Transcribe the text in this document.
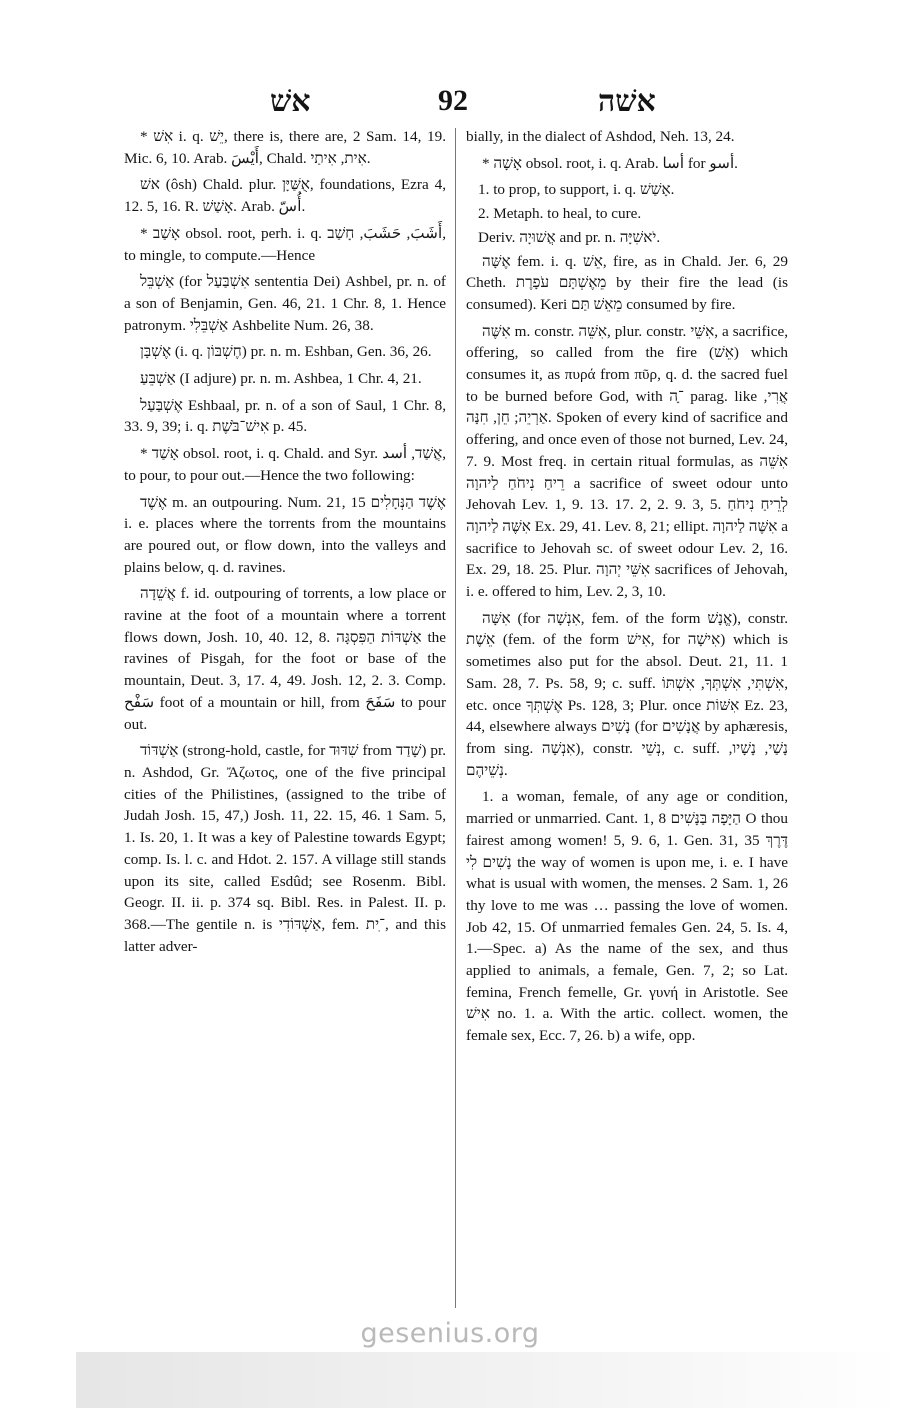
אשׁ	92	אשׁה

* אִשׁ i. q. יֵשׁ, there is, there are, 2 Sam. 14, 19. Mic. 6, 10. Arab. أَيْسَ, Chald. אִית, אִיתַי.

אשׁ (ôsh) Chald. plur. אֻשַּׁיָּן, foundations, Ezra 4, 12. 5, 16. R. אָשַׁשׁ. Arab. أُسّ.

* אָשַׁב obsol. root, perh. i. q. أَشَبَ, حَشَبَ, חָשַׁב, to mingle, to compute.—Hence

אַשְׁבֵּל (for אִשְׁבַּעַל sententia Dei) Ashbel, pr. n. of a son of Benjamin, Gen. 46, 21. 1 Chr. 8, 1. Hence patronym. אַשְׁבֵּלִי Ashbelite Num. 26, 38.

אֶשְׁבָּן (i. q. חֶשְׁבּוֹן) pr. n. m. Eshban, Gen. 36, 26.

אַשְׁבֵּעַ (I adjure) pr. n. m. Ashbea, 1 Chr. 4, 21.

אֶשְׁבַּעַל Eshbaal, pr. n. of a son of Saul, 1 Chr. 8, 33. 9, 39; i. q. אִישׁ־בֹּשֶׁת p. 45.

* אָשַׁד obsol. root, i. q. Chald. and Syr. אֲשַׁד, أسد, to pour, to pour out.—Hence the two following:

אֶשֶׁד m. an outpouring. Num. 21, 15 אֶשֶׁד הַנְּחָלִים i. e. places where the torrents from the mountains are poured out, or flow down, into the valleys and plains below, q. d. ravines.

אֲשֵׁדָה f. id. outpouring of torrents, a low place or ravine at the foot of a mountain where a torrent flows down, Josh. 10, 40. 12, 8. אַשְׁדּוֹת הַפִּסְגָּה the ravines of Pisgah, for the foot or base of the mountain, Deut. 3, 17. 4, 49. Josh. 12, 2. 3. Comp. سَفْح foot of a mountain or hill, from سَفَحَ to pour out.

אַשְׁדּוֹד (strong-hold, castle, for שִׁדּוּד from שָׁדַד) pr. n. Ashdod, Gr. Ἄζωτος, one of the five principal cities of the Philistines, (assigned to the tribe of Judah Josh. 15, 47,) Josh. 11, 22. 15, 46. 1 Sam. 5, 1. Is. 20, 1. It was a key of Palestine towards Egypt; comp. Is. l. c. and Hdot. 2. 157. A village still stands upon its site, called Esdûd; see Rosenm. Bibl. Geogr. II. ii. p. 374 sq. Bibl. Res. in Palest. II. p. 368.—The gentile n. is אַשְׁדּוֹדִי, fem. ־ִית, and this latter adver-

bially, in the dialect of Ashdod, Neh. 13, 24.

* אָשָׁה obsol. root, i. q. Arab. أسا for أسو.

1. to prop, to support, i. q. אָשַׁשׁ.

2. Metaph. to heal, to cure.

Deriv. אֲשׁוּיָה and pr. n. יֹאשִׁיָּה.

אֶשָּׁה fem. i. q. אֵשׁ, fire, as in Chald. Jer. 6, 29 Cheth. מֵאֶשְׁתָּם עֹפָרֶת by their fire the lead (is consumed). Keri מֵאֵשׁ תַּם consumed by fire.

אִשֶּׁה m. constr. אִשֵּׁה, plur. constr. אִשֵּׁי, a sacrifice, offering, so called from the fire (אֵשׁ) which consumes it, as πυρά from πῦρ, q. d. the sacred fuel to be burned before God, with ־ָה parag. like אֲרִי, אַרְיֵה; חֵן, חִנָּה. Spoken of every kind of sacrifice and offering, and once even of those not burned, Lev. 24, 7. 9. Most freq. in certain ritual formulas, as אִשֵּׁה רֵיחַ נִיחֹחַ לַיהוָה a sacrifice of sweet odour unto Jehovah Lev. 1, 9. 13. 17. 2, 2. 9. 3, 5. לְרֵיחַ נִיחֹחַ אִשֶּׁה לַיהוָה Ex. 29, 41. Lev. 8, 21; ellipt. אִשֶּׁה לַיהוָה a sacrifice to Jehovah sc. of sweet odour Lev. 2, 16. Ex. 29, 18. 25. Plur. אִשֵּׁי יְהוָה sacrifices of Jehovah, i. e. offered to him, Lev. 2, 3, 10.

אִשָּׁה (for אִנְשָׁה, fem. of the form אֱנָשׁ), constr. אֵשֶׁת (fem. of the form אִישׁ, for אִישָׁה) which is sometimes also put for the absol. Deut. 21, 11. 1 Sam. 28, 7. Ps. 58, 9; c. suff. אִשְׁתִּי, אִשְׁתְּךָ, אִשְׁתּוֹ, etc. once אֶשְׁתְּךָ Ps. 128, 3; Plur. once אִשּׁוֹת Ez. 23, 44, elsewhere always נָשִׁים (for אֲנָשִׁים by aphæresis, from sing. אִנְשָׁה), constr. נְשֵׁי, c. suff. נָשַׁי, נָשָׁיו, נְשֵׁיהֶם.

1. a woman, female, of any age or condition, married or unmarried. Cant. 1, 8 הַיָּפָה בַּנָּשִׁים O thou fairest among women! 5, 9. 6, 1. Gen. 31, 35 דֶּרֶךְ נָשִׁים לִי the way of women is upon me, i. e. I have what is usual with women, the menses. 2 Sam. 1, 26 thy love to me was … passing the love of women. Job 42, 15. Of unmarried females Gen. 24, 5. Is. 4, 1.—Spec. a) As the name of the sex, and thus applied to animals, a female, Gen. 7, 2; so Lat. femina, French femelle, Gr. γυνή in Aristotle. See אִישׁ no. 1. a. With the artic. collect. women, the female sex, Ecc. 7, 26. b) a wife, opp.

gesenius.org
